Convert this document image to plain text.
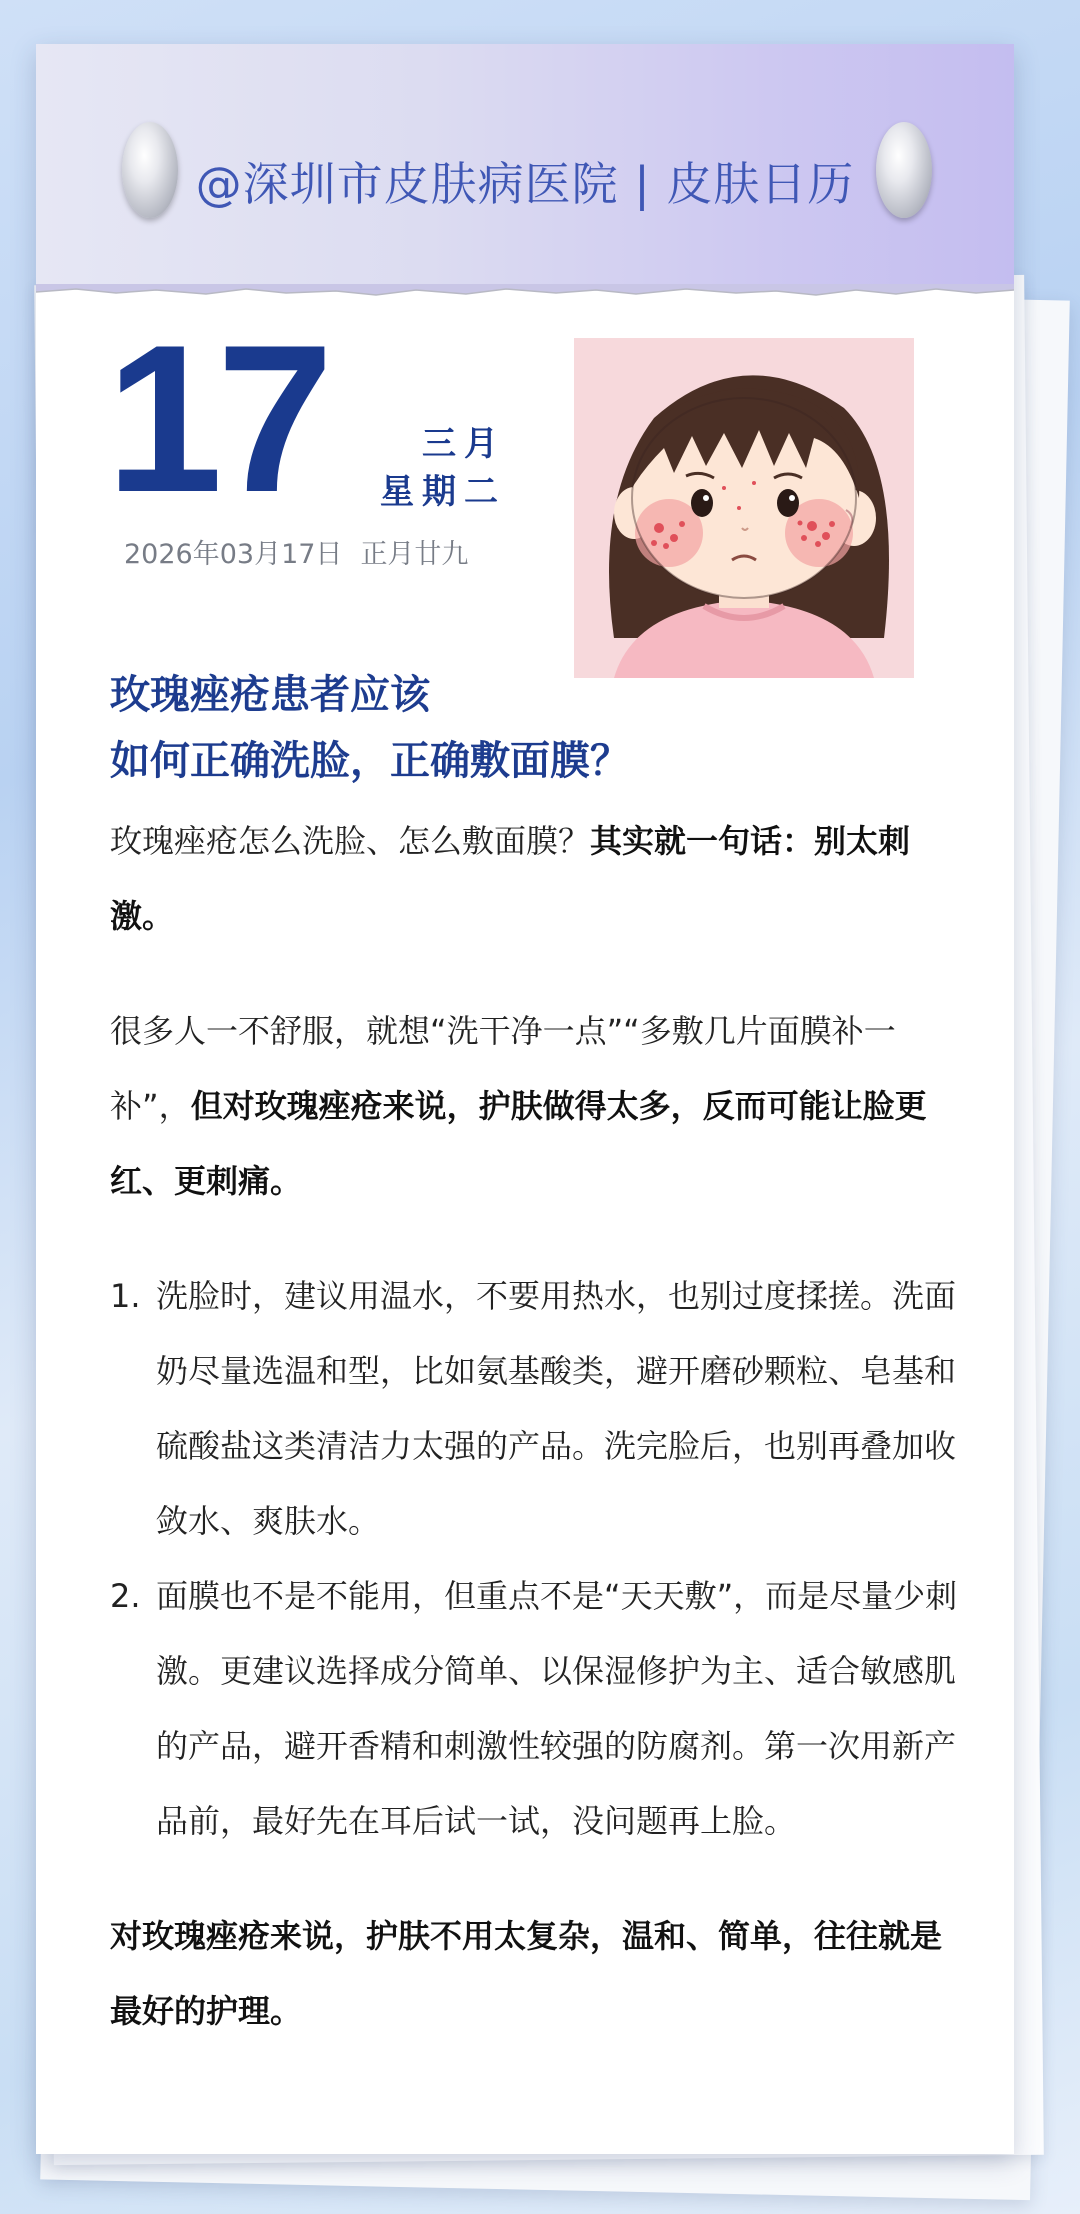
@深圳市皮肤病医院 | 皮肤日历
17	三月
星期二
2026年03月17日 正月廿九
玫瑰痤疮患者应该
如何正确洗脸，正确敷面膜？

玫瑰痤疮怎么洗脸、怎么敷面膜？其实就一句话：别太刺激。

很多人一不舒服，就想“洗干净一点”“多敷几片面膜补一补”，但对玫瑰痤疮来说，护肤做得太多，反而可能让脸更红、更刺痛。

1. 洗脸时，建议用温水，不要用热水，也别过度揉搓。洗面奶尽量选温和型，比如氨基酸类，避开磨砂颗粒、皂基和硫酸盐这类清洁力太强的产品。洗完脸后，也别再叠加收敛水、爽肤水。
2. 面膜也不是不能用，但重点不是“天天敷”，而是尽量少刺激。更建议选择成分简单、以保湿修护为主、适合敏感肌的产品，避开香精和刺激性较强的防腐剂。第一次用新产品前，最好先在耳后试一试，没问题再上脸。

对玫瑰痤疮来说，护肤不用太复杂，温和、简单，往往就是最好的护理。
